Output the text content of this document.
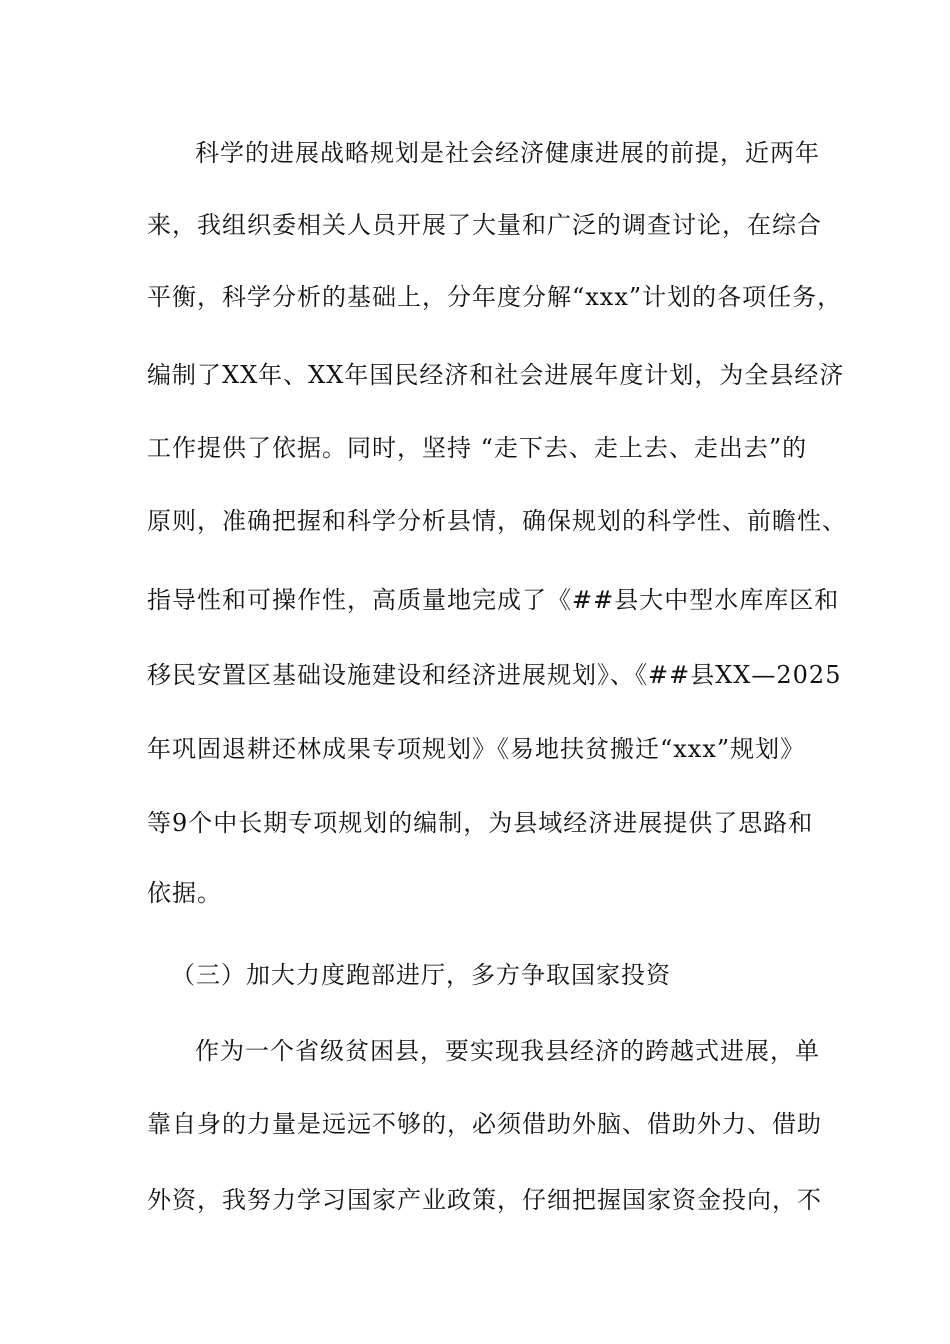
科学的进展战略规划是社会经济健康进展的前提，近两年
来，我组织委相关人员开展了大量和广泛的调查讨论，在综合
平衡，科学分析的基础上，分年度分解“xxx”计划的各项任务，
编制了XX年、XX年国民经济和社会进展年度计划，为全县经济
工作提供了依据。同时，坚持 “走下去、走上去、走出去”的
原则，准确把握和科学分析县情，确保规划的科学性、前瞻性、
指导性和可操作性，高质量地完成了《##县大中型水库库区和
移民安置区基础设施建设和经济进展规划》、《##县XX—2025
年巩固退耕还林成果专项规划》《易地扶贫搬迁“xxx”规划》
等9个中长期专项规划的编制，为县域经济进展提供了思路和
依据。
（三）加大力度跑部进厅，多方争取国家投资
作为一个省级贫困县，要实现我县经济的跨越式进展，单
靠自身的力量是远远不够的，必须借助外脑、借助外力、借助
外资，我努力学习国家产业政策，仔细把握国家资金投向，不
